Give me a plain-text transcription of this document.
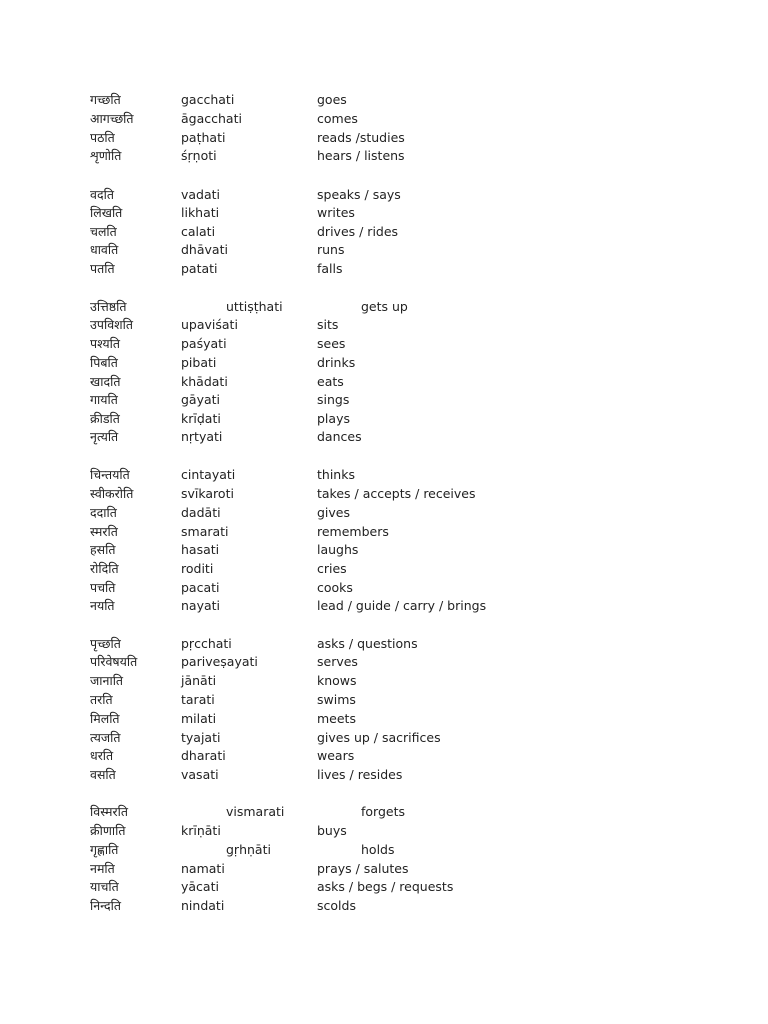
गच्छति	gacchati	goes
आगच्छति	āgacchati	comes
पठति	paṭhati	reads /studies
शृणोति	śṛṇoti	hears / listens
वदति	vadati	speaks / says
लिखति	likhati	writes
चलति	calati	drives / rides
धावति	dhāvati	runs
पतति	patati	falls
उत्तिष्ठति	uttiṣṭhati	gets up
उपविशति	upaviśati	sits
पश्यति	paśyati	sees
पिबति	pibati	drinks
खादति	khādati	eats
गायति	gāyati	sings
क्रीडति	krīḍati	plays
नृत्यति	nṛtyati	dances
चिन्तयति	cintayati	thinks
स्वीकरोति	svīkaroti	takes / accepts / receives
ददाति	dadāti	gives
स्मरति	smarati	remembers
हसति	hasati	laughs
रोदिति	roditi	cries
पचति	pacati	cooks
नयति	nayati	lead / guide / carry / brings
पृच्छति	pṛcchati	asks / questions
परिवेषयति	pariveṣayati	serves
जानाति	jānāti	knows
तरति	tarati	swims
मिलति	milati	meets
त्यजति	tyajati	gives up / sacrifices
धरति	dharati	wears
वसति	vasati	lives / resides
विस्मरति	vismarati	forgets
क्रीणाति	krīṇāti	buys
गृह्णाति	gṛhṇāti	holds
नमति	namati	prays / salutes
याचति	yācati	asks / begs / requests
निन्दति	nindati	scolds
